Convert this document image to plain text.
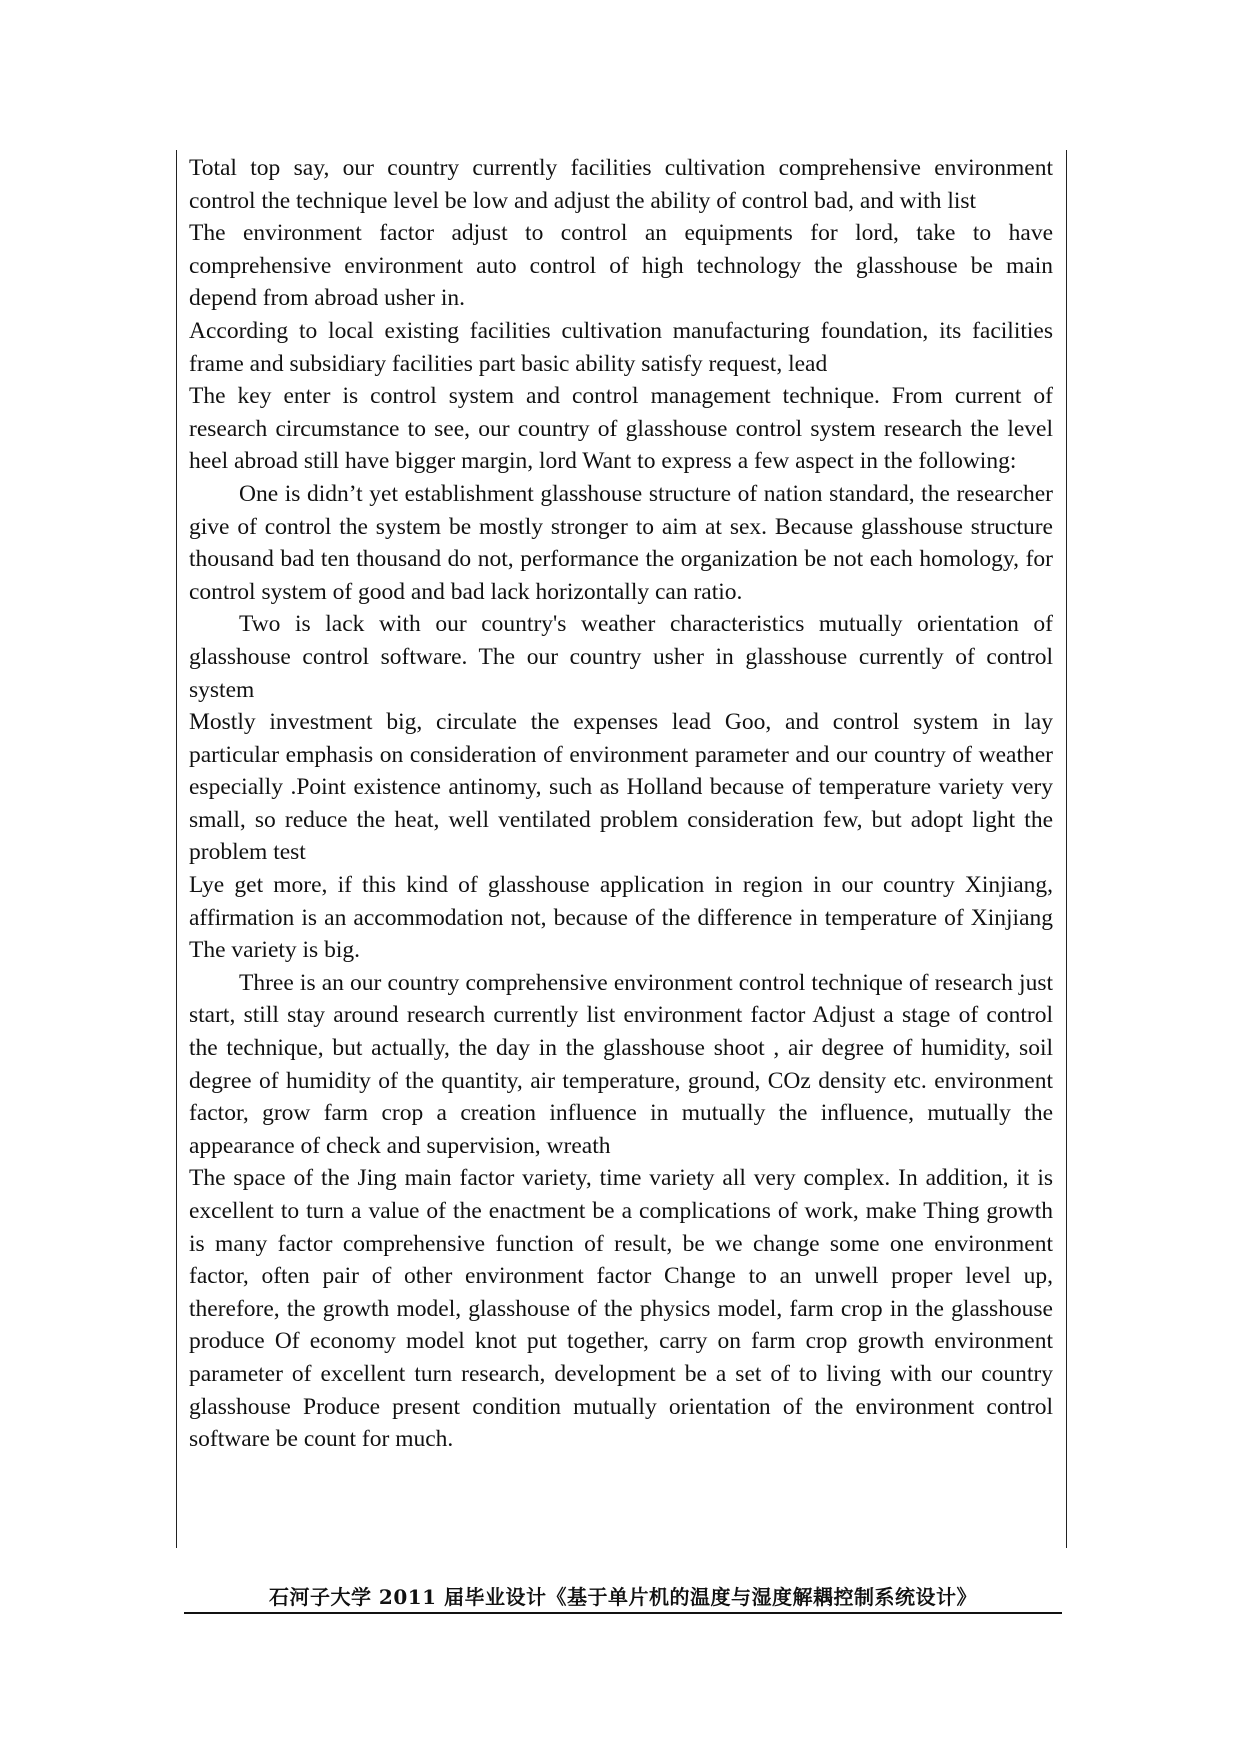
Total top say, our country currently facilities cultivation comprehensive environment control the technique level be low and adjust the ability of control bad, and with list

The environment factor adjust to control an equipments for lord, take to have comprehensive environment auto control of high technology the glasshouse be main depend from abroad usher in.

According to local existing facilities cultivation manufacturing foundation, its facilities frame and subsidiary facilities part basic ability satisfy request, lead

The key enter is control system and control management technique. From current of research circumstance to see, our country of glasshouse control system research the level heel abroad still have bigger margin, lord Want to express a few aspect in the following:

One is didn’t yet establishment glasshouse structure of nation standard, the researcher give of control the system be mostly stronger to aim at sex. Because glasshouse structure thousand bad ten thousand do not, performance the organization be not each homology, for control system of good and bad lack horizontally can ratio.

Two is lack with our country's weather characteristics mutually orientation of glasshouse control software. The our country usher in glasshouse currently of control system

Mostly investment big, circulate the expenses lead Goo, and control system in lay particular emphasis on consideration of environment parameter and our country of weather especially .Point existence antinomy, such as Holland because of temperature variety very small, so reduce the heat, well ventilated problem consideration few, but adopt light the problem test

Lye get more, if this kind of glasshouse application in region in our country Xinjiang, affirmation is an accommodation not, because of the difference in temperature of Xinjiang The variety is big.

Three is an our country comprehensive environment control technique of research just start, still stay around research currently list environment factor Adjust a stage of control the technique, but actually, the day in the glasshouse shoot , air degree of humidity, soil degree of humidity of the quantity, air temperature, ground, COz density etc. environment factor, grow farm crop a creation influence in mutually the influence, mutually the appearance of check and supervision, wreath

The space of the Jing main factor variety, time variety all very complex. In addition, it is excellent to turn a value of the enactment be a complications of work, make Thing growth is many factor comprehensive function of result, be we change some one environment factor, often pair of other environment factor Change to an unwell proper level up, therefore, the growth model, glasshouse of the physics model, farm crop in the glasshouse produce Of economy model knot put together, carry on farm crop growth environment parameter of excellent turn research, development be a set of to living with our country glasshouse Produce present condition mutually orientation of the environment control software be count for much.

石河子大学 2011 届毕业设计《基于单片机的温度与湿度解耦控制系统设计》
